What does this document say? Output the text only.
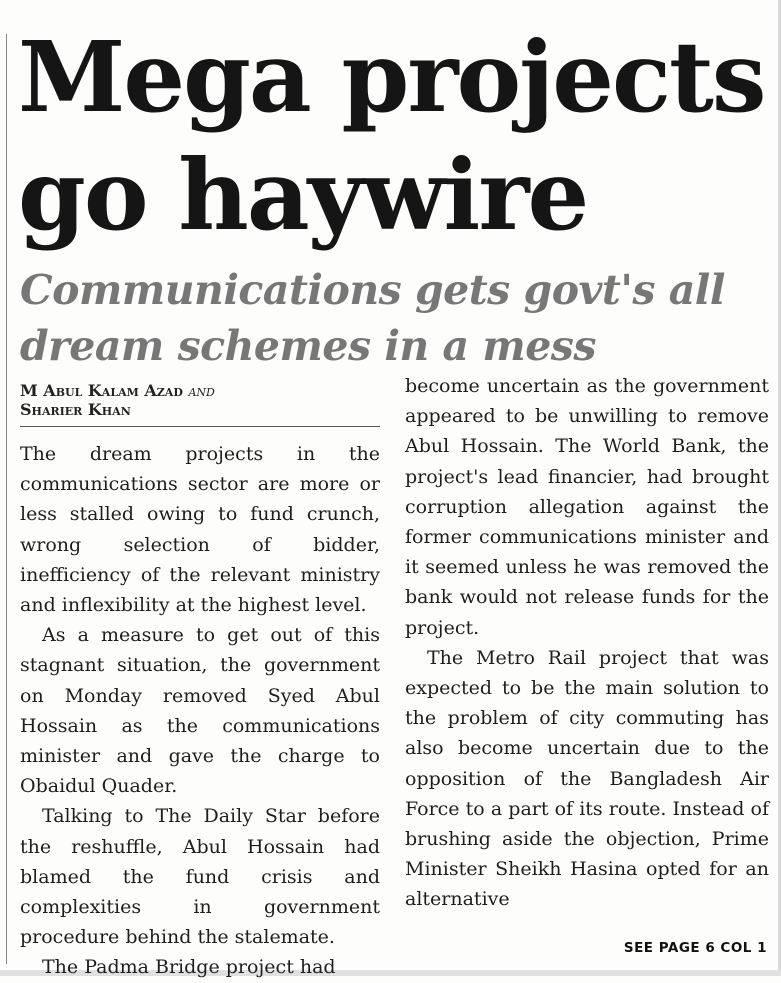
Mega projects go haywire
Communications gets govt's all dream schemes in a mess
M Abul Kalam Azad and
Sharier Khan

The dream projects in the communications sector are more or less stalled owing to fund crunch, wrong selection of bidder, inefficiency of the relevant ministry and inflexibility at the highest level.

As a measure to get out of this stagnant situation, the government on Monday removed Syed Abul Hossain as the communications minister and gave the charge to Obaidul Quader.

Talking to The Daily Star before the reshuffle, Abul Hossain had blamed the fund crisis and complexities in government procedure behind the stalemate.

The Padma Bridge project had

become uncertain as the government appeared to be unwilling to remove Abul Hossain. The World Bank, the project's lead financier, had brought corruption allegation against the former communications minister and it seemed unless he was removed the bank would not release funds for the project.

The Metro Rail project that was expected to be the main solution to the problem of city commuting has also become uncertain due to the opposition of the Bangladesh Air Force to a part of its route. Instead of brushing aside the objection, Prime Minister Sheikh Hasina opted for an alternative

SEE PAGE 6 COL 1
